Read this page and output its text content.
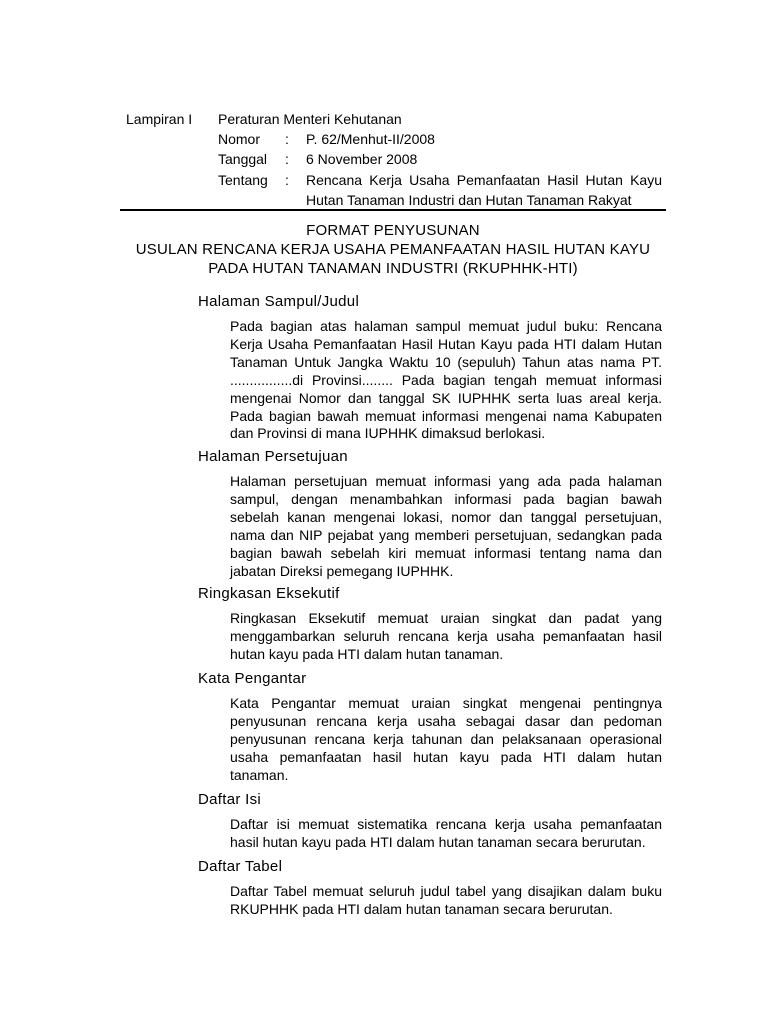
Lampiran I Peraturan Menteri Kehutanan
Nomor : P. 62/Menhut-II/2008
Tanggal : 6 November 2008
Tentang : Rencana Kerja Usaha Pemanfaatan Hasil Hutan Kayu Hutan Tanaman Industri dan Hutan Tanaman Rakyat
FORMAT PENYUSUNAN
USULAN RENCANA KERJA USAHA PEMANFAATAN HASIL HUTAN KAYU
PADA HUTAN TANAMAN INDUSTRI (RKUPHHK-HTI)
Halaman Sampul/Judul
Pada bagian atas halaman sampul memuat judul buku: Rencana Kerja Usaha Pemanfaatan Hasil Hutan Kayu pada HTI dalam Hutan Tanaman Untuk Jangka Waktu 10 (sepuluh) Tahun atas nama PT. ................di Provinsi........ Pada bagian tengah memuat informasi mengenai Nomor dan tanggal SK IUPHHK serta luas areal kerja. Pada bagian bawah memuat informasi mengenai nama Kabupaten dan Provinsi di mana IUPHHK dimaksud berlokasi.
Halaman Persetujuan
Halaman persetujuan memuat informasi yang ada pada halaman sampul, dengan menambahkan informasi pada bagian bawah sebelah kanan mengenai lokasi, nomor dan tanggal persetujuan, nama dan NIP pejabat yang memberi persetujuan, sedangkan pada bagian bawah sebelah kiri memuat informasi tentang nama dan jabatan Direksi pemegang IUPHHK.
Ringkasan Eksekutif
Ringkasan Eksekutif memuat uraian singkat dan padat yang menggambarkan seluruh rencana kerja usaha pemanfaatan hasil hutan kayu pada HTI dalam hutan tanaman.
Kata Pengantar
Kata Pengantar memuat uraian singkat mengenai pentingnya penyusunan rencana kerja usaha sebagai dasar dan pedoman penyusunan rencana kerja tahunan dan pelaksanaan operasional usaha pemanfaatan hasil hutan kayu pada HTI dalam hutan tanaman.
Daftar Isi
Daftar isi memuat sistematika rencana kerja usaha pemanfaatan hasil hutan kayu pada HTI dalam hutan tanaman secara berurutan.
Daftar Tabel
Daftar Tabel memuat seluruh judul tabel yang disajikan dalam buku RKUPHHK pada HTI dalam hutan tanaman secara berurutan.
